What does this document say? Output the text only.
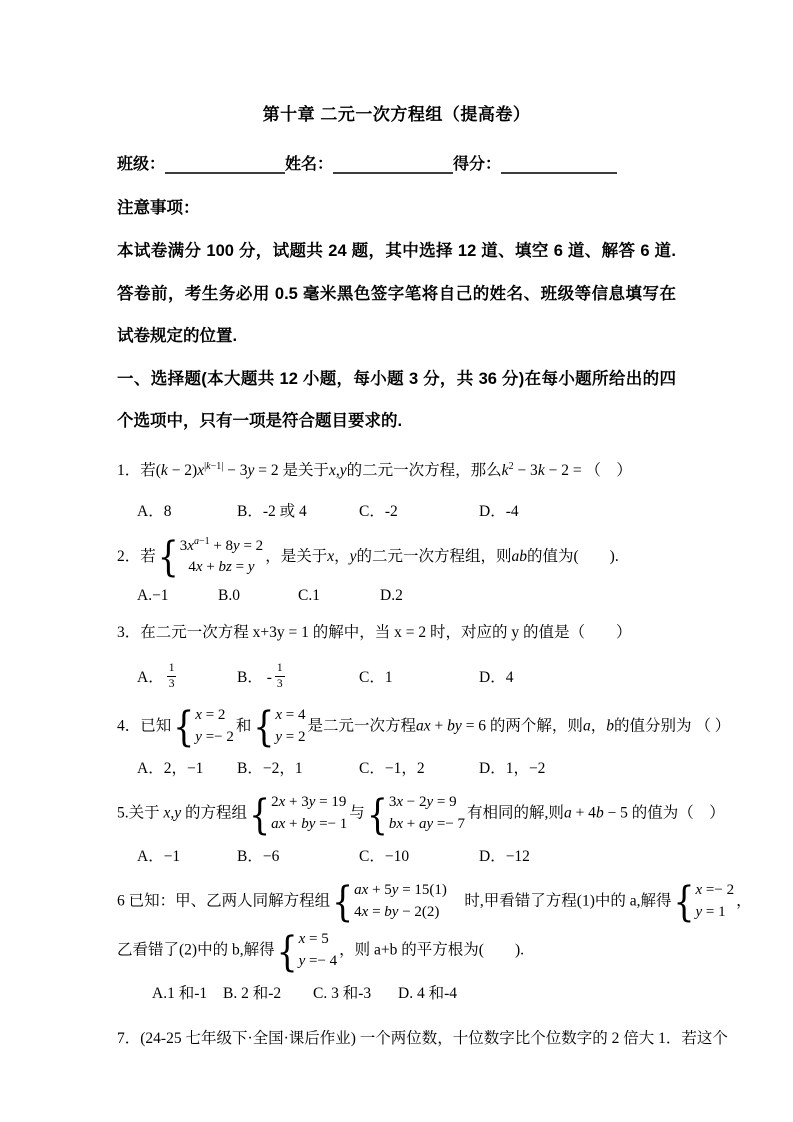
第十章 二元一次方程组（提高卷）
班级：	姓名：	得分：
注意事项：

本试卷满分 100 分，试题共 24 题，其中选择 12 道、填空 6 道、解答 6 道.答卷前，考生务必用 0.5 毫米黑色签字笔将自己的姓名、班级等信息填写在试卷规定的位置.

一、选择题(本大题共 12 小题，每小题 3 分，共 36 分)在每小题所给出的四个选项中，只有一项是符合题目要求的.

1．若$(k - 2)x^{|k-1|} - 3y = 2$ 是关于x,y的二元一次方程，那么$k^2 - 3k - 2$ = （　）
A．8	B．-2 或 4	C．-2	D．-4
2．若 { $3x^{a-1} + 8y = 2$
4x + bz = y
，是关于x，y的二元一次方程组，则ab的值为(　　).
A.−1	B.0	C.1	D.2
3．在二元一次方程 x+3y = 1 的解中，当 x = 2 时，对应的 y 的值是（　　）
A． $\frac{1}{3}$	B． - $\frac{1}{3}$	C．1	D．4
4．已知 { x = 2
y =− 2
和 { x = 4
y = 2
是二元一次方程ax + by = 6 的两个解，则a，b的值分别为 （ ）
A．2，−1	B．−2，1	C．−1，2	D．1，−2
5.关于 x,y 的方程组 { 2x + 3y = 19
ax + by =− 1
与 { 3x − 2y = 9
bx + ay =− 7
有相同的解,则a + 4b − 5 的值为（　）
A．−1	B．−6	C．−10	D．−12
6 已知：甲、乙两人同解方程组 { ax + 5y = 15(1)
4x = by − 2(2)
　时,甲看错了方程(1)中的 a,解得 { x =− 2
y = 1
，
乙看错了(2)中的 b,解得 { x = 5
y =− 4
，则 a+b 的平方根为(　　).
A.1 和-1	B. 2 和-2	C. 3 和-3	D. 4 和-4
7．(24-25 七年级下·全国·课后作业) 一个两位数，十位数字比个位数字的 2 倍大 1．若这个
